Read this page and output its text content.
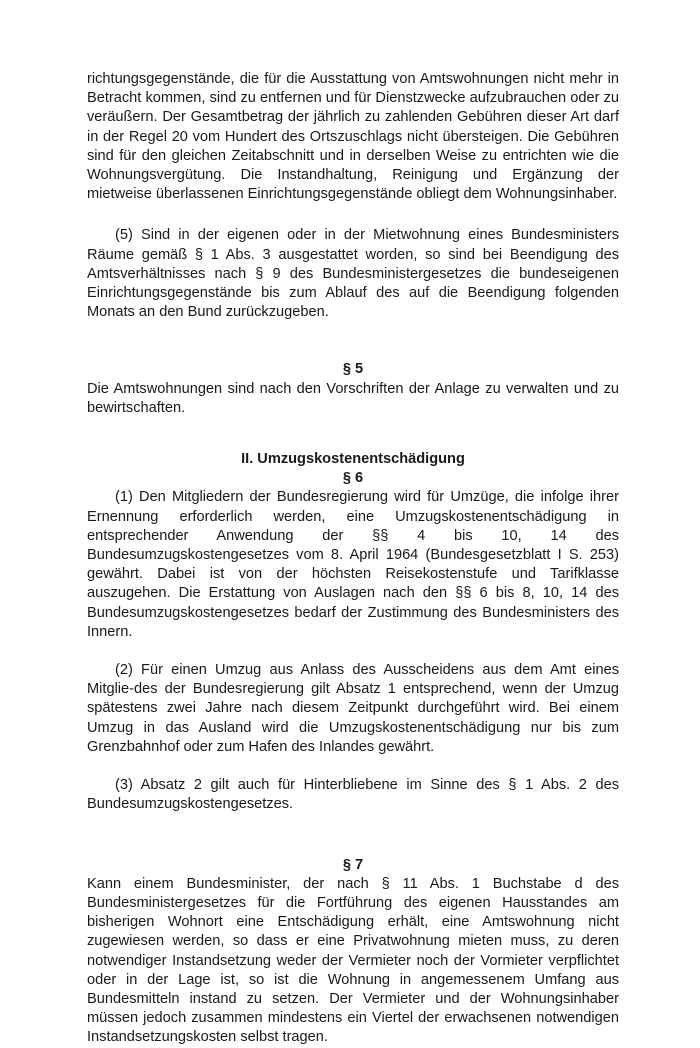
richtungsgegenstände, die für die Ausstattung von Amtswohnungen nicht mehr in Betracht kommen, sind zu entfernen und für Dienstzwecke aufzubrauchen oder zu veräußern. Der Gesamtbetrag der jährlich zu zahlenden Gebühren dieser Art darf in der Regel 20 vom Hundert des Ortszuschlags nicht übersteigen. Die Gebühren sind für den gleichen Zeitabschnitt und in derselben Weise zu entrichten wie die Wohnungsvergütung. Die Instandhaltung, Reinigung und Ergänzung der mietweise überlassenen Einrichtungsgegenstände obliegt dem Wohnungsinhaber.

(5) Sind in der eigenen oder in der Mietwohnung eines Bundesministers Räume gemäß § 1 Abs. 3 ausgestattet worden, so sind bei Beendigung des Amtsverhältnisses nach § 9 des Bundesministergesetzes die bundeseigenen Einrichtungsgegenstände bis zum Ablauf des auf die Beendigung folgenden Monats an den Bund zurückzugeben.

§ 5

Die Amtswohnungen sind nach den Vorschriften der Anlage zu verwalten und zu bewirtschaften.

II. Umzugskostenentschädigung

§ 6

(1) Den Mitgliedern der Bundesregierung wird für Umzüge, die infolge ihrer Ernennung erforderlich werden, eine Umzugskostenentschädigung in entsprechender Anwendung der §§ 4 bis 10, 14 des Bundesumzugskostengesetzes vom 8. April 1964 (Bundesgesetzblatt I S. 253) gewährt. Dabei ist von der höchsten Reisekostenstufe und Tarifklasse auszugehen. Die Erstattung von Auslagen nach den §§ 6 bis 8, 10, 14 des Bundesumzugskostengesetzes bedarf der Zustimmung des Bundesministers des Innern.

(2) Für einen Umzug aus Anlass des Ausscheidens aus dem Amt eines Mitglie-des der Bundesregierung gilt Absatz 1 entsprechend, wenn der Umzug spätestens zwei Jahre nach diesem Zeitpunkt durchgeführt wird. Bei einem Umzug in das Ausland wird die Umzugskostenentschädigung nur bis zum Grenzbahnhof oder zum Hafen des Inlandes gewährt.

(3) Absatz 2 gilt auch für Hinterbliebene im Sinne des § 1 Abs. 2 des Bundesumzugskostengesetzes.

§ 7

Kann einem Bundesminister, der nach § 11 Abs. 1 Buchstabe d des Bundesministergesetzes für die Fortführung des eigenen Hausstandes am bisherigen Wohnort eine Entschädigung erhält, eine Amtswohnung nicht zugewiesen werden, so dass er eine Privatwohnung mieten muss, zu deren notwendiger Instandsetzung weder der Vermieter noch der Vormieter verpflichtet oder in der Lage ist, so ist die Wohnung in angemessenem Umfang aus Bundesmitteln instand zu setzen. Der Vermieter und der Wohnungsinhaber müssen jedoch zusammen mindestens ein Viertel der erwachsenen notwendigen Instandsetzungskosten selbst tragen.
